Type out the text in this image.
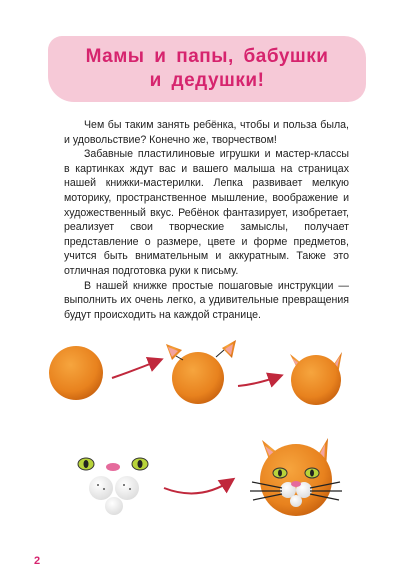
Мамы и папы, бабушки
и дедушки!

Чем бы таким занять ребёнка, чтобы и польза была, и удовольствие? Конечно же, творчеством!

Забавные пластилиновые игрушки и мастер-классы в картинках ждут вас и вашего малыша на страницах нашей книжки-мастерилки. Лепка развивает мелкую моторику, пространственное мышление, воображение и художественный вкус. Ребёнок фантазирует, изобретает, реализует свои творческие замыслы, получает представление о размере, цвете и форме предметов, учится быть внимательным и аккуратным. Также это отличная подготовка руки к письму.

В нашей книжке простые пошаговые инструкции — выполнить их очень легко, а удивительные превращения будут происходить на каждой странице.

2
